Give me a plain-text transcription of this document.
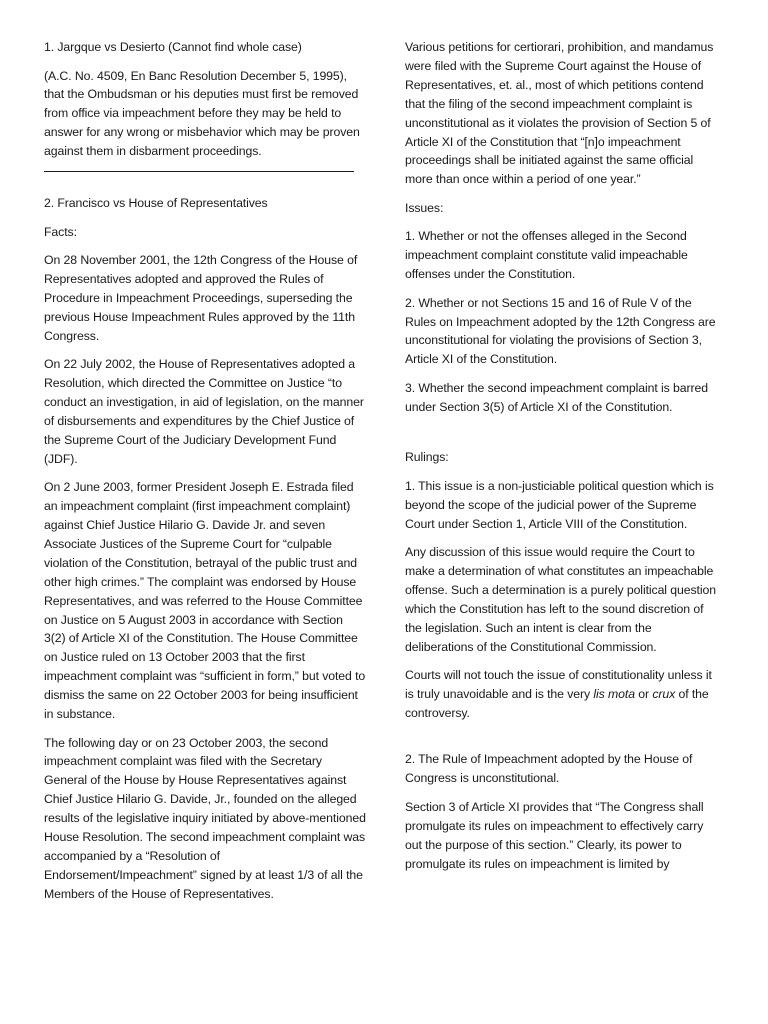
1. Jargque vs Desierto (Cannot find whole case)

(A.C. No. 4509, En Banc Resolution December 5, 1995), that the Ombudsman or his deputies must first be removed from office via impeachment before they may be held to answer for any wrong or misbehavior which may be proven against them in disbarment proceedings.

2. Francisco vs House of Representatives

Facts:

On 28 November 2001, the 12th Congress of the House of Representatives adopted and approved the Rules of Procedure in Impeachment Proceedings, superseding the previous House Impeachment Rules approved by the 11th Congress.

On 22 July 2002, the House of Representatives adopted a Resolution, which directed the Committee on Justice “to conduct an investigation, in aid of legislation, on the manner of disbursements and expenditures by the Chief Justice of the Supreme Court of the Judiciary Development Fund (JDF).

On 2 June 2003, former President Joseph E. Estrada filed an impeachment complaint (first impeachment complaint) against Chief Justice Hilario G. Davide Jr. and seven Associate Justices of the Supreme Court for “culpable violation of the Constitution, betrayal of the public trust and other high crimes.” The complaint was endorsed by House Representatives, and was referred to the House Committee on Justice on 5 August 2003 in accordance with Section 3(2) of Article XI of the Constitution. The House Committee on Justice ruled on 13 October 2003 that the first impeachment complaint was “sufficient in form,” but voted to dismiss the same on 22 October 2003 for being insufficient in substance.

The following day or on 23 October 2003, the second impeachment complaint was filed with the Secretary General of the House by House Representatives against Chief Justice Hilario G. Davide, Jr., founded on the alleged results of the legislative inquiry initiated by above-mentioned House Resolution. The second impeachment complaint was accompanied by a “Resolution of Endorsement/Impeachment” signed by at least 1/3 of all the Members of the House of Representatives.

Various petitions for certiorari, prohibition, and mandamus were filed with the Supreme Court against the House of Representatives, et. al., most of which petitions contend that the filing of the second impeachment complaint is unconstitutional as it violates the provision of Section 5 of Article XI of the Constitution that “[n]o impeachment proceedings shall be initiated against the same official more than once within a period of one year.”

Issues:

1. Whether or not the offenses alleged in the Second impeachment complaint constitute valid impeachable offenses under the Constitution.

2. Whether or not Sections 15 and 16 of Rule V of the Rules on Impeachment adopted by the 12th Congress are unconstitutional for violating the provisions of Section 3, Article XI of the Constitution.

3. Whether the second impeachment complaint is barred under Section 3(5) of Article XI of the Constitution.

Rulings:

1. This issue is a non-justiciable political question which is beyond the scope of the judicial power of the Supreme Court under Section 1, Article VIII of the Constitution.

Any discussion of this issue would require the Court to make a determination of what constitutes an impeachable offense. Such a determination is a purely political question which the Constitution has left to the sound discretion of the legislation. Such an intent is clear from the deliberations of the Constitutional Commission.

Courts will not touch the issue of constitutionality unless it is truly unavoidable and is the very lis mota or crux of the controversy.

2. The Rule of Impeachment adopted by the House of Congress is unconstitutional.

Section 3 of Article XI provides that “The Congress shall promulgate its rules on impeachment to effectively carry out the purpose of this section.” Clearly, its power to promulgate its rules on impeachment is limited by
